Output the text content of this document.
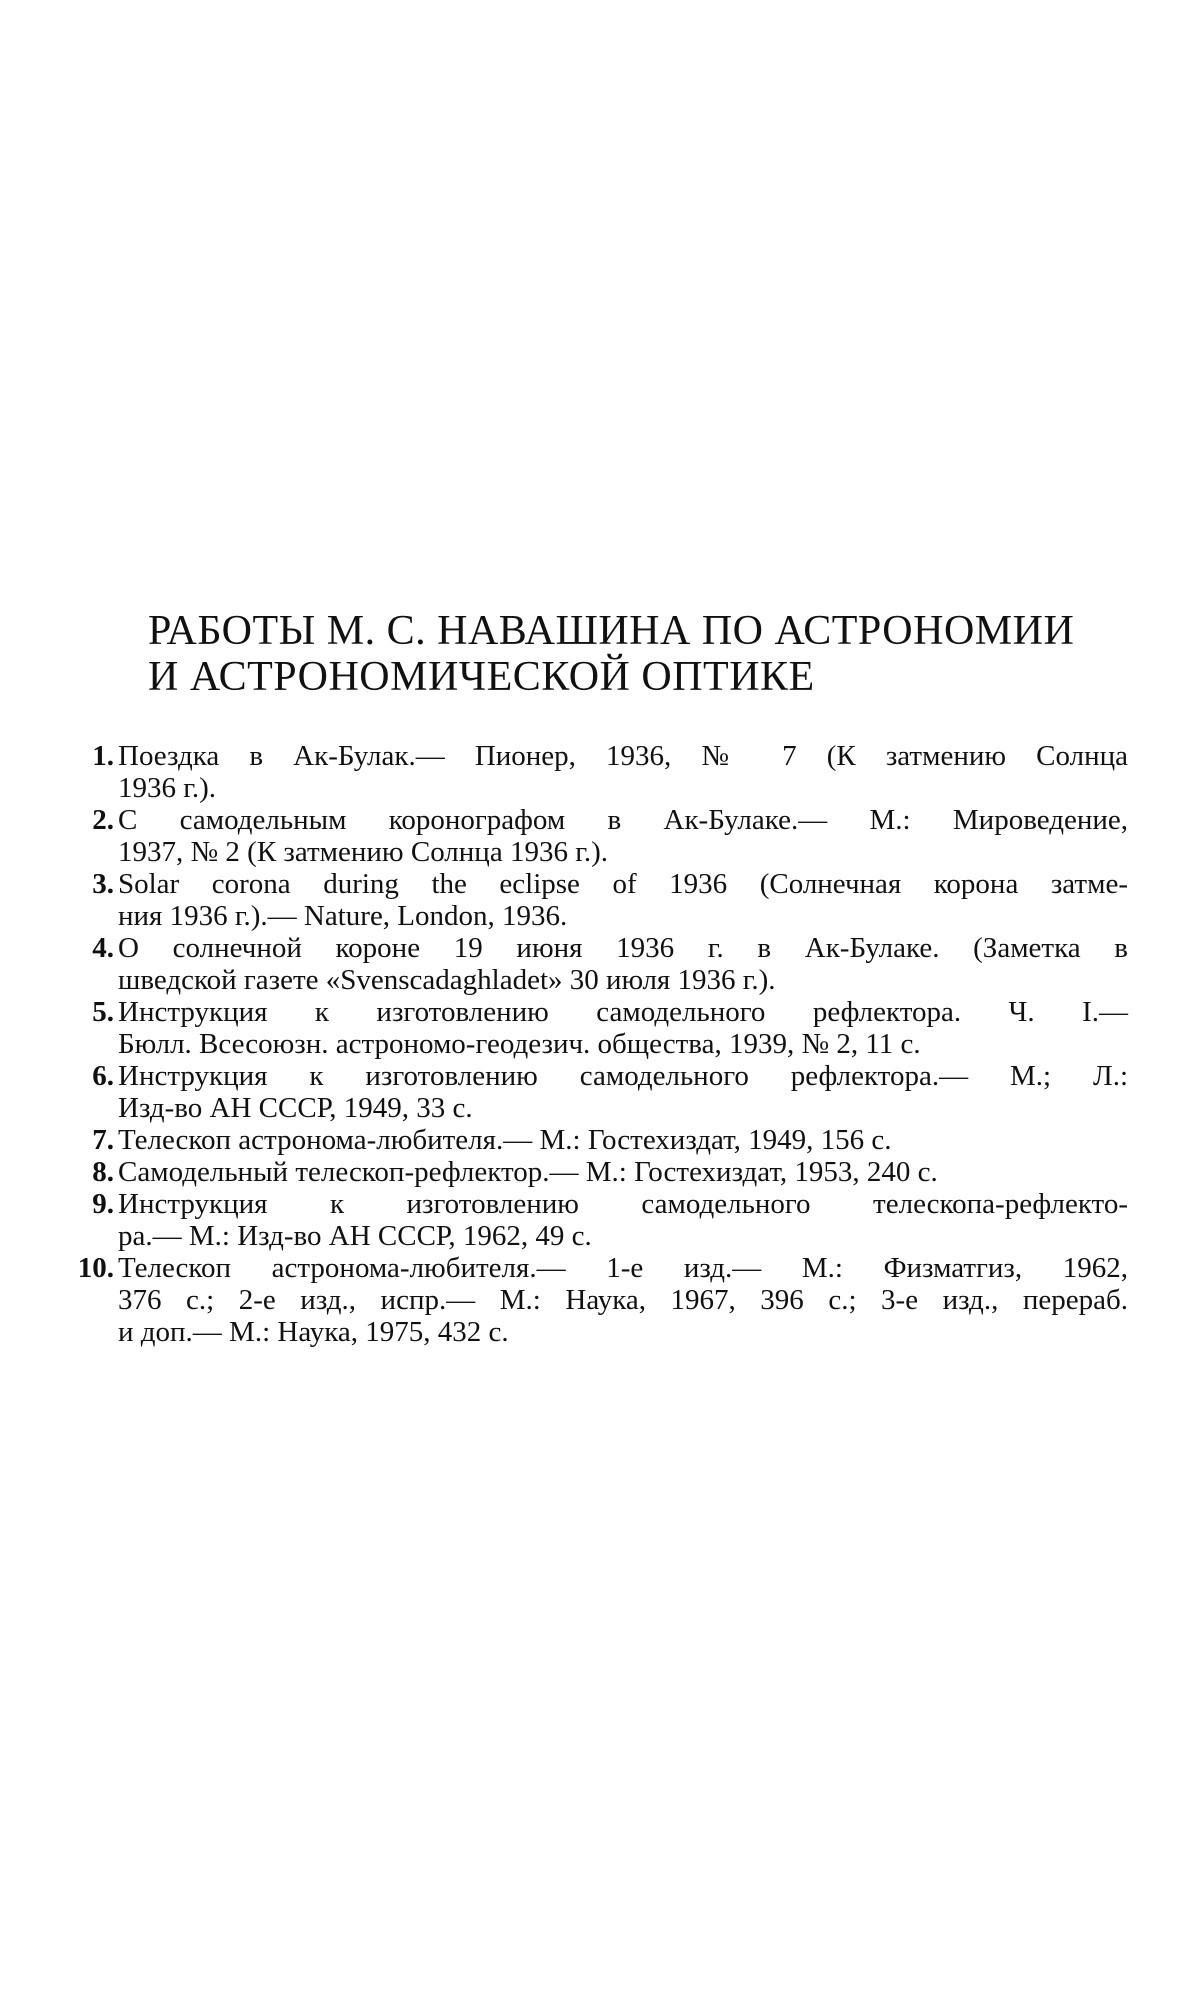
РАБОТЫ М. С. НАВАШИНА ПО АСТРОНОМИИ
И АСТРОНОМИЧЕСКОЙ ОПТИКЕ
1. Поездка в Ак-Булак.— Пионер, 1936, № 7 (К затмению Солнца
1936 г.).
2. С самодельным коронографом в Ак-Булаке.— М.: Мироведение,
1937, № 2 (К затмению Солнца 1936 г.).
3. Solar corona during the eclipse of 1936 (Солнечная корона затме-
ния 1936 г.).— Nature, London, 1936.
4. О солнечной короне 19 июня 1936 г. в Ак-Булаке. (Заметка в
шведской газете «Svenscadaghladet» 30 июля 1936 г.).
5. Инструкция к изготовлению самодельного рефлектора. Ч. I.—
Бюлл. Всесоюзн. астрономо-геодезич. общества, 1939, № 2, 11 с.
6. Инструкция к изготовлению самодельного рефлектора.— М.; Л.:
Изд-во АН СССР, 1949, 33 с.
7. Телескоп астронома-любителя.— М.: Гостехиздат, 1949, 156 с.
8. Самодельный телескоп-рефлектор.— М.: Гостехиздат, 1953, 240 с.
9. Инструкция к изготовлению самодельного телескопа-рефлекто-
ра.— М.: Изд-во АН СССР, 1962, 49 с.
10. Телескоп астронома-любителя.— 1-е изд.— М.: Физматгиз, 1962,
376 с.; 2-е изд., испр.— М.: Наука, 1967, 396 с.; 3-е изд., перераб.
и доп.— М.: Наука, 1975, 432 с.
